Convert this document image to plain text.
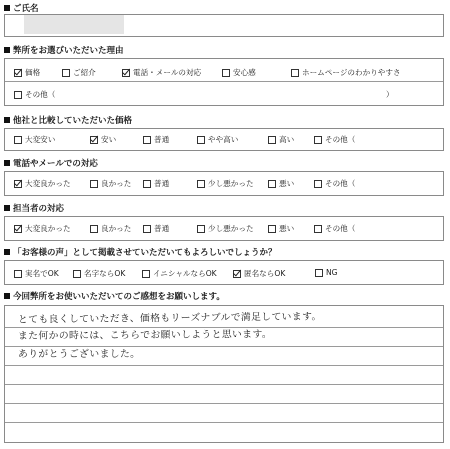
ご氏名
弊所をお選びいただいた理由
価格	ご紹介	電話・メールの対応	安心感	ホームページのわかりやすさ
その他（	）
他社と比較していただいた価格
大変安い	安い	普通	やや高い	高い	その他（
電話やメールでの対応
大変良かった	良かった	普通	少し悪かった	悪い	その他（
担当者の対応
大変良かった	良かった	普通	少し悪かった	悪い	その他（
「お客様の声」として掲載させていただいてもよろしいでしょうか？
実名でOK	名字ならOK	イニシャルならOK	匿名ならOK	NG
今回弊所をお使いいただいてのご感想をお願いします。
とても良くしていただき、価格もリーズナブルで満足しています。
また何かの時には、こちらでお願いしようと思います。
ありがとうございました。
